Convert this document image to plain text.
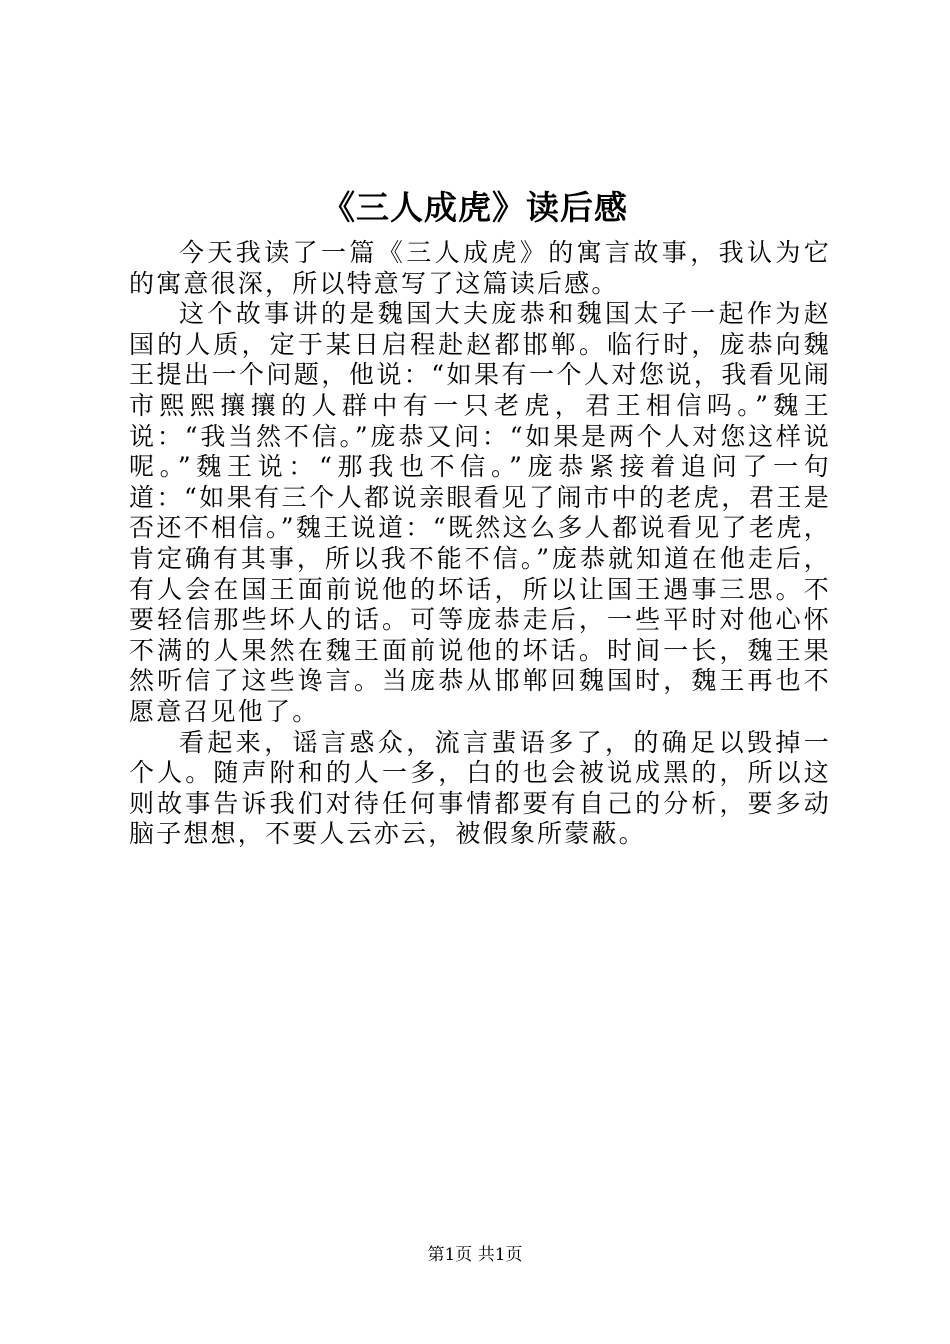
《三人成虎》读后感

今天我读了一篇《三人成虎》的寓言故事，我认为它的寓意很深，所以特意写了这篇读后感。

这个故事讲的是魏国大夫庞恭和魏国太子一起作为赵国的人质，定于某日启程赴赵都邯郸。临行时，庞恭向魏王提出一个问题，他说：“如果有一个人对您说，我看见闹市熙熙攘攘的人群中有一只老虎，君王相信吗。”魏王说：“我当然不信。”庞恭又问：“如果是两个人对您这样说呢。”魏王说：“那我也不信。”庞恭紧接着追问了一句道：“如果有三个人都说亲眼看见了闹市中的老虎，君王是否还不相信。”魏王说道：“既然这么多人都说看见了老虎，肯定确有其事，所以我不能不信。”庞恭就知道在他走后，有人会在国王面前说他的坏话，所以让国王遇事三思。不要轻信那些坏人的话。可等庞恭走后，一些平时对他心怀不满的人果然在魏王面前说他的坏话。时间一长，魏王果然听信了这些谗言。当庞恭从邯郸回魏国时，魏王再也不愿意召见他了。

看起来，谣言惑众，流言蜚语多了，的确足以毁掉一个人。随声附和的人一多，白的也会被说成黑的，所以这则故事告诉我们对待任何事情都要有自己的分析，要多动脑子想想，不要人云亦云，被假象所蒙蔽。

第1页 共1页
